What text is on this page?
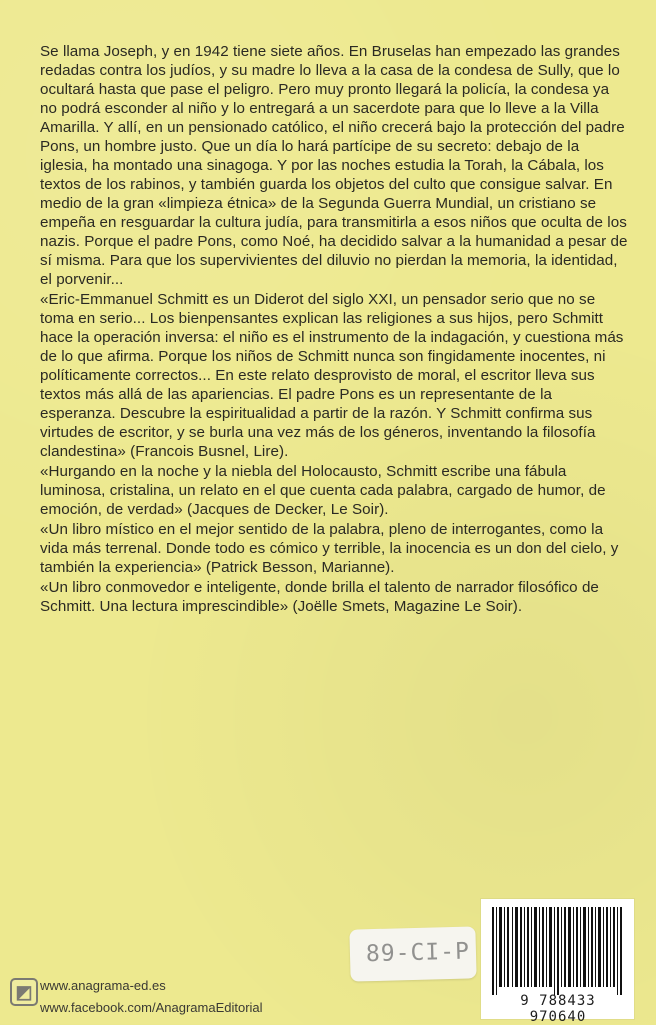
Se llama Joseph, y en 1942 tiene siete años. En Bruselas han empezado las grandes redadas contra los judíos, y su madre lo lleva a la casa de la condesa de Sully, que lo ocultará hasta que pase el peligro. Pero muy pronto llegará la policía, la condesa ya no podrá esconder al niño y lo entregará a un sacerdote para que lo lleve a la Villa Amarilla. Y allí, en un pensionado católico, el niño crecerá bajo la protección del padre Pons, un hombre justo. Que un día lo hará partícipe de su secreto: debajo de la iglesia, ha montado una sinagoga. Y por las noches estudia la Torah, la Cábala, los textos de los rabinos, y también guarda los objetos del culto que consigue salvar. En medio de la gran «limpieza étnica» de la Segunda Guerra Mundial, un cristiano se empeña en resguardar la cultura judía, para transmitirla a esos niños que oculta de los nazis. Porque el padre Pons, como Noé, ha decidido salvar a la humanidad a pesar de sí misma. Para que los supervivientes del diluvio no pierdan la memoria, la identidad, el porvenir...

«Eric-Emmanuel Schmitt es un Diderot del siglo XXI, un pensador serio que no se toma en serio... Los bienpensantes explican las religiones a sus hijos, pero Schmitt hace la operación inversa: el niño es el instrumento de la indagación, y cuestiona más de lo que afirma. Porque los niños de Schmitt nunca son fingidamente inocentes, ni políticamente correctos... En este relato desprovisto de moral, el escritor lleva sus textos más allá de las apariencias. El padre Pons es un representante de la esperanza. Descubre la espiritualidad a partir de la razón. Y Schmitt confirma sus virtudes de escritor, y se burla una vez más de los géneros, inventando la filosofía clandestina» (Francois Busnel, Lire).

«Hurgando en la noche y la niebla del Holocausto, Schmitt escribe una fábula luminosa, cristalina, un relato en el que cuenta cada palabra, cargado de humor, de emoción, de verdad» (Jacques de Decker, Le Soir).

«Un libro místico en el mejor sentido de la palabra, pleno de interrogantes, como la vida más terrenal. Donde todo es cómico y terrible, la inocencia es un don del cielo, y también la experiencia» (Patrick Besson, Marianne).

«Un libro conmovedor e inteligente, donde brilla el talento de narrador filosófico de Schmitt. Una lectura imprescindible» (Joëlle Smets, Magazine Le Soir).

89-CI-P
◩ www.anagrama-ed.es
www.facebook.com/AnagramaEditorial	9 788433 970640
